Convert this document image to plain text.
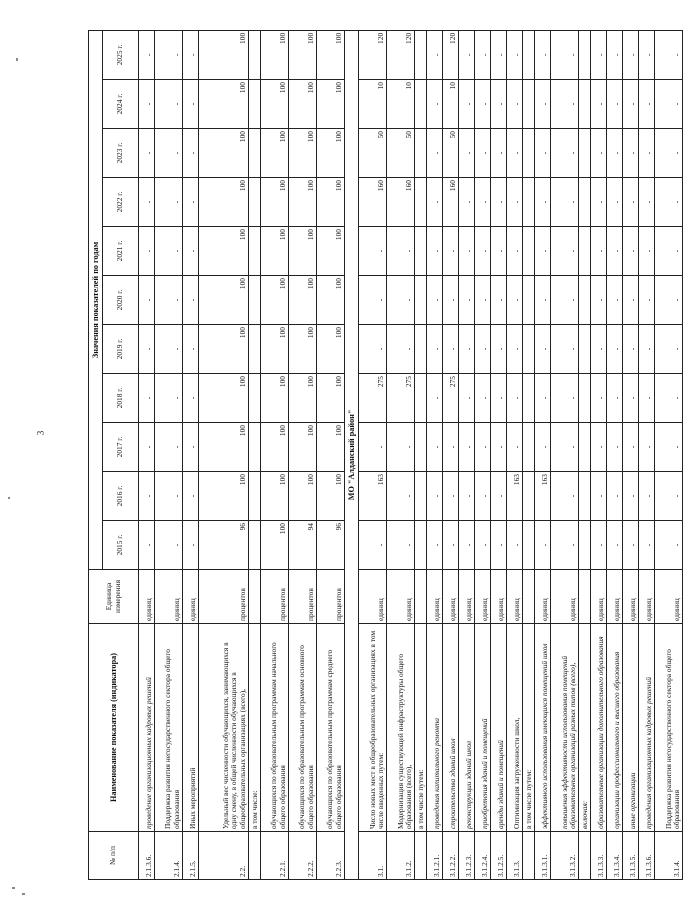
3
№ п/п	Наименование показателя (индикатора)	Единица измерения	Значения показателей по годам										
			2015 г.	2016 г.	2017 г.	2018 г.	2019 г.	2020 г.	2021 г.	2022 г.	2023 г.	2024 г.	2025 г.
2.1.3.6.	проведение организационных кадровых решений	единиц	-	-	-	-	-	-	-	-	-	-	-
2.1.4.	Поддержка развития негосударственного сектора общего образования	единиц	-	-	-	-	-	-	-	-	-	-	-
2.1.5.	Иных мероприятий	единиц	-	-	-	-	-	-	-	-	-	-	-
2.2.	Удельный вес численности обучающихся, занимающихся в одну смену, в общей численности обучающихся в общеобразовательных организациях (всего),	процентов	96	100	100	100	100	100	100	100	100	100	100
	в том числе:												
2.2.1.	обучающихся по образовательным программам начального общего образования	процентов	100	100	100	100	100	100	100	100	100	100	100
2.2.2.	обучающихся по образовательным программам основного общего образования	процентов	94	100	100	100	100	100	100	100	100	100	100
2.2.3.	обучающихся по образовательным программам среднего общего образования	процентов	96	100	100	100	100	100	100	100	100	100	100
МО "Алданский район"													
3.1.	Число новых мест в общеобразовательных организациях в том числе введенных путем:	единиц	-	163	-	275	-	-	-	160	50	10	120
3.1.2.	Модернизация существующей инфраструктуры общего образования (всего),	единиц	-	-	-	275	-	-	-	160	50	10	120
	в том числе путем:												
3.1.2.1.	проведения капитального ремонта	единиц	-	-	-	-	-	-	-	-	-	-	-
3.1.2.2.	строительства зданий школ	единиц	-	-	-	275	-	-	-	160	50	10	120
3.1.2.3.	реконструкции зданий школ	единиц	-	-	-	-	-	-	-	-	-	-	-
3.1.2.4.	приобретения зданий и помещений	единиц	-	-	-	-	-	-	-	-	-	-	-
3.1.2.5.	аренды зданий и помещений	единиц	-	-	-	-	-	-	-	-	-	-	-
3.1.3.	Оптимизация загруженности школ,	единиц	-	163	-	-	-	-	-	-	-	-	-
	в том числе путем:												
3.1.3.1.	эффективного использования имеющихся помещений школ	единиц	-	163	-	-	-	-	-	-	-	-	-
3.1.3.2.	повышения эффективности использования помещений образовательных организаций разных типов (всего),	единиц	-	-	-	-	-	-	-	-	-	-	-
	включая:												
3.1.3.3.	образовательные организации дополнительного образования	единиц	-	-	-	-	-	-	-	-	-	-	-
3.1.3.4.	организации профессионального и высшего образования	единиц	-	-	-	-	-	-	-	-	-	-	-
3.1.3.5.	иные организации	единиц	-	-	-	-	-	-	-	-	-	-	-
3.1.3.6.	проведения организационных кадровых решений	единиц	-	-	-	-	-	-	-	-	-	-	-
3.1.4.	Поддержка развития негосударственного сектора общего образования	единиц	-	-	-	-	-	-	-	-	-	-	-
